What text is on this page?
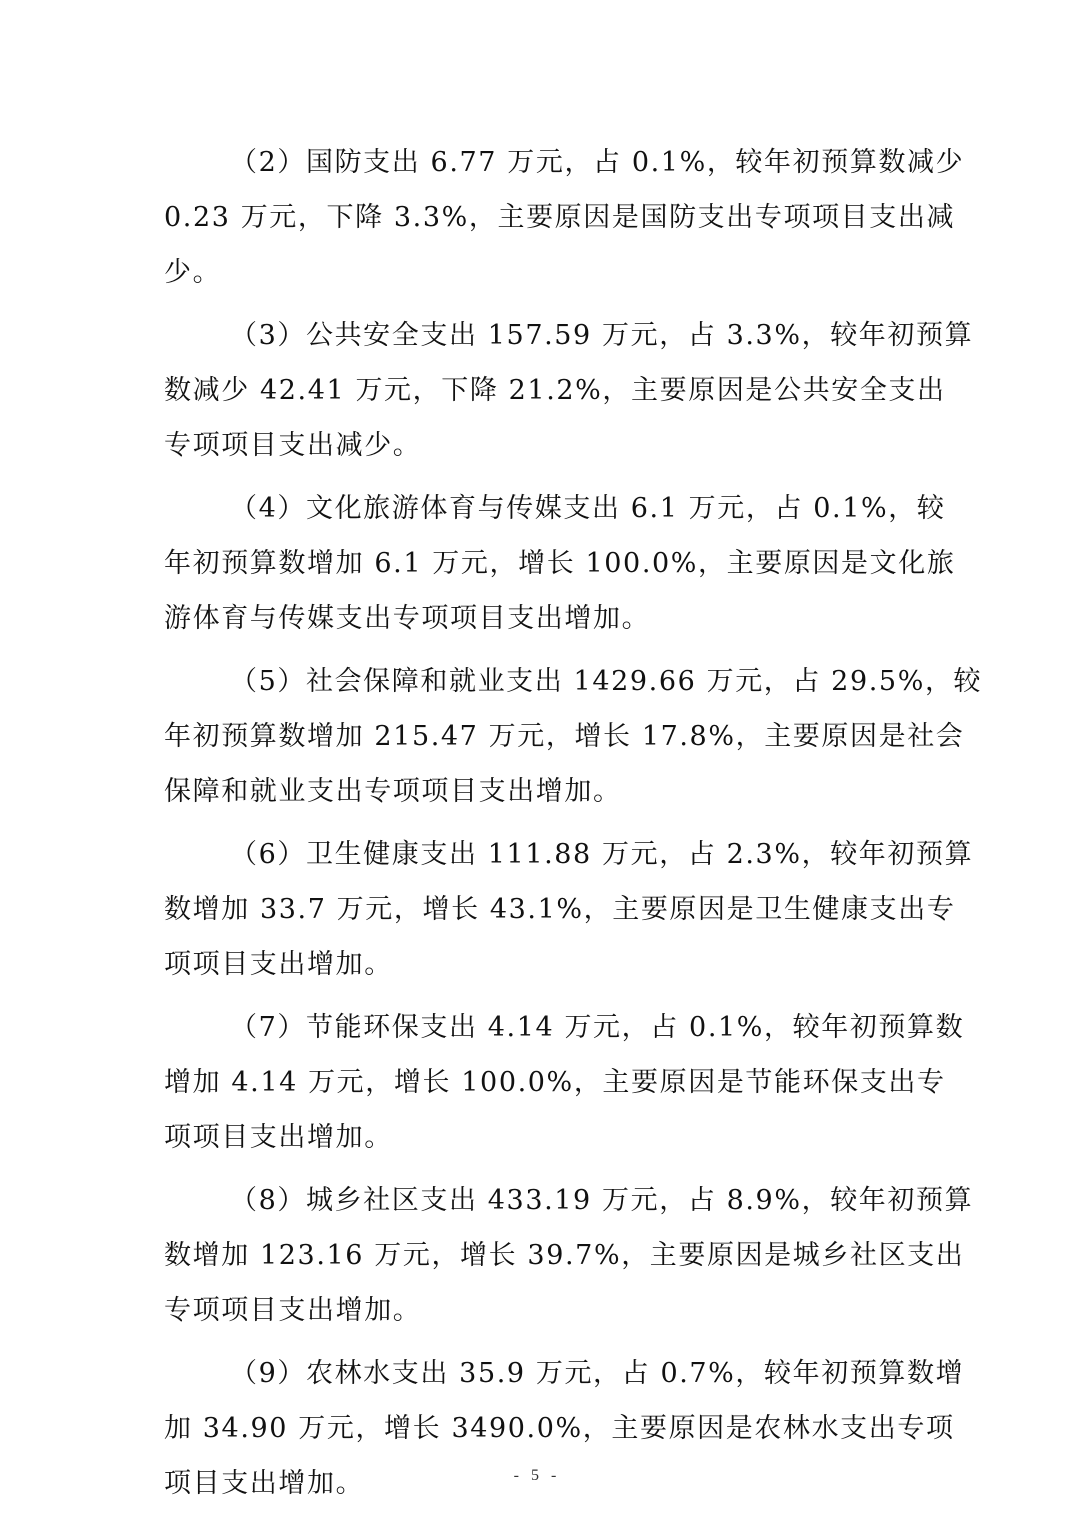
（2）国防支出 6.77 万元，占 0.1%，较年初预算数减少
0.23 万元，下降 3.3%，主要原因是国防支出专项项目支出减
少。

（3）公共安全支出 157.59 万元，占 3.3%，较年初预算
数减少 42.41 万元，下降 21.2%，主要原因是公共安全支出
专项项目支出减少。

（4）文化旅游体育与传媒支出 6.1 万元，占 0.1%，较
年初预算数增加 6.1 万元，增长 100.0%，主要原因是文化旅
游体育与传媒支出专项项目支出增加。

（5）社会保障和就业支出 1429.66 万元，占 29.5%，较
年初预算数增加 215.47 万元，增长 17.8%，主要原因是社会
保障和就业支出专项项目支出增加。

（6）卫生健康支出 111.88 万元，占 2.3%，较年初预算
数增加 33.7 万元，增长 43.1%，主要原因是卫生健康支出专
项项目支出增加。

（7）节能环保支出 4.14 万元，占 0.1%，较年初预算数
增加 4.14 万元，增长 100.0%，主要原因是节能环保支出专
项项目支出增加。

（8）城乡社区支出 433.19 万元，占 8.9%，较年初预算
数增加 123.16 万元，增长 39.7%，主要原因是城乡社区支出
专项项目支出增加。

（9）农林水支出 35.9 万元，占 0.7%，较年初预算数增
加 34.90 万元，增长 3490.0%，主要原因是农林水支出专项
项目支出增加。	- 5 -
